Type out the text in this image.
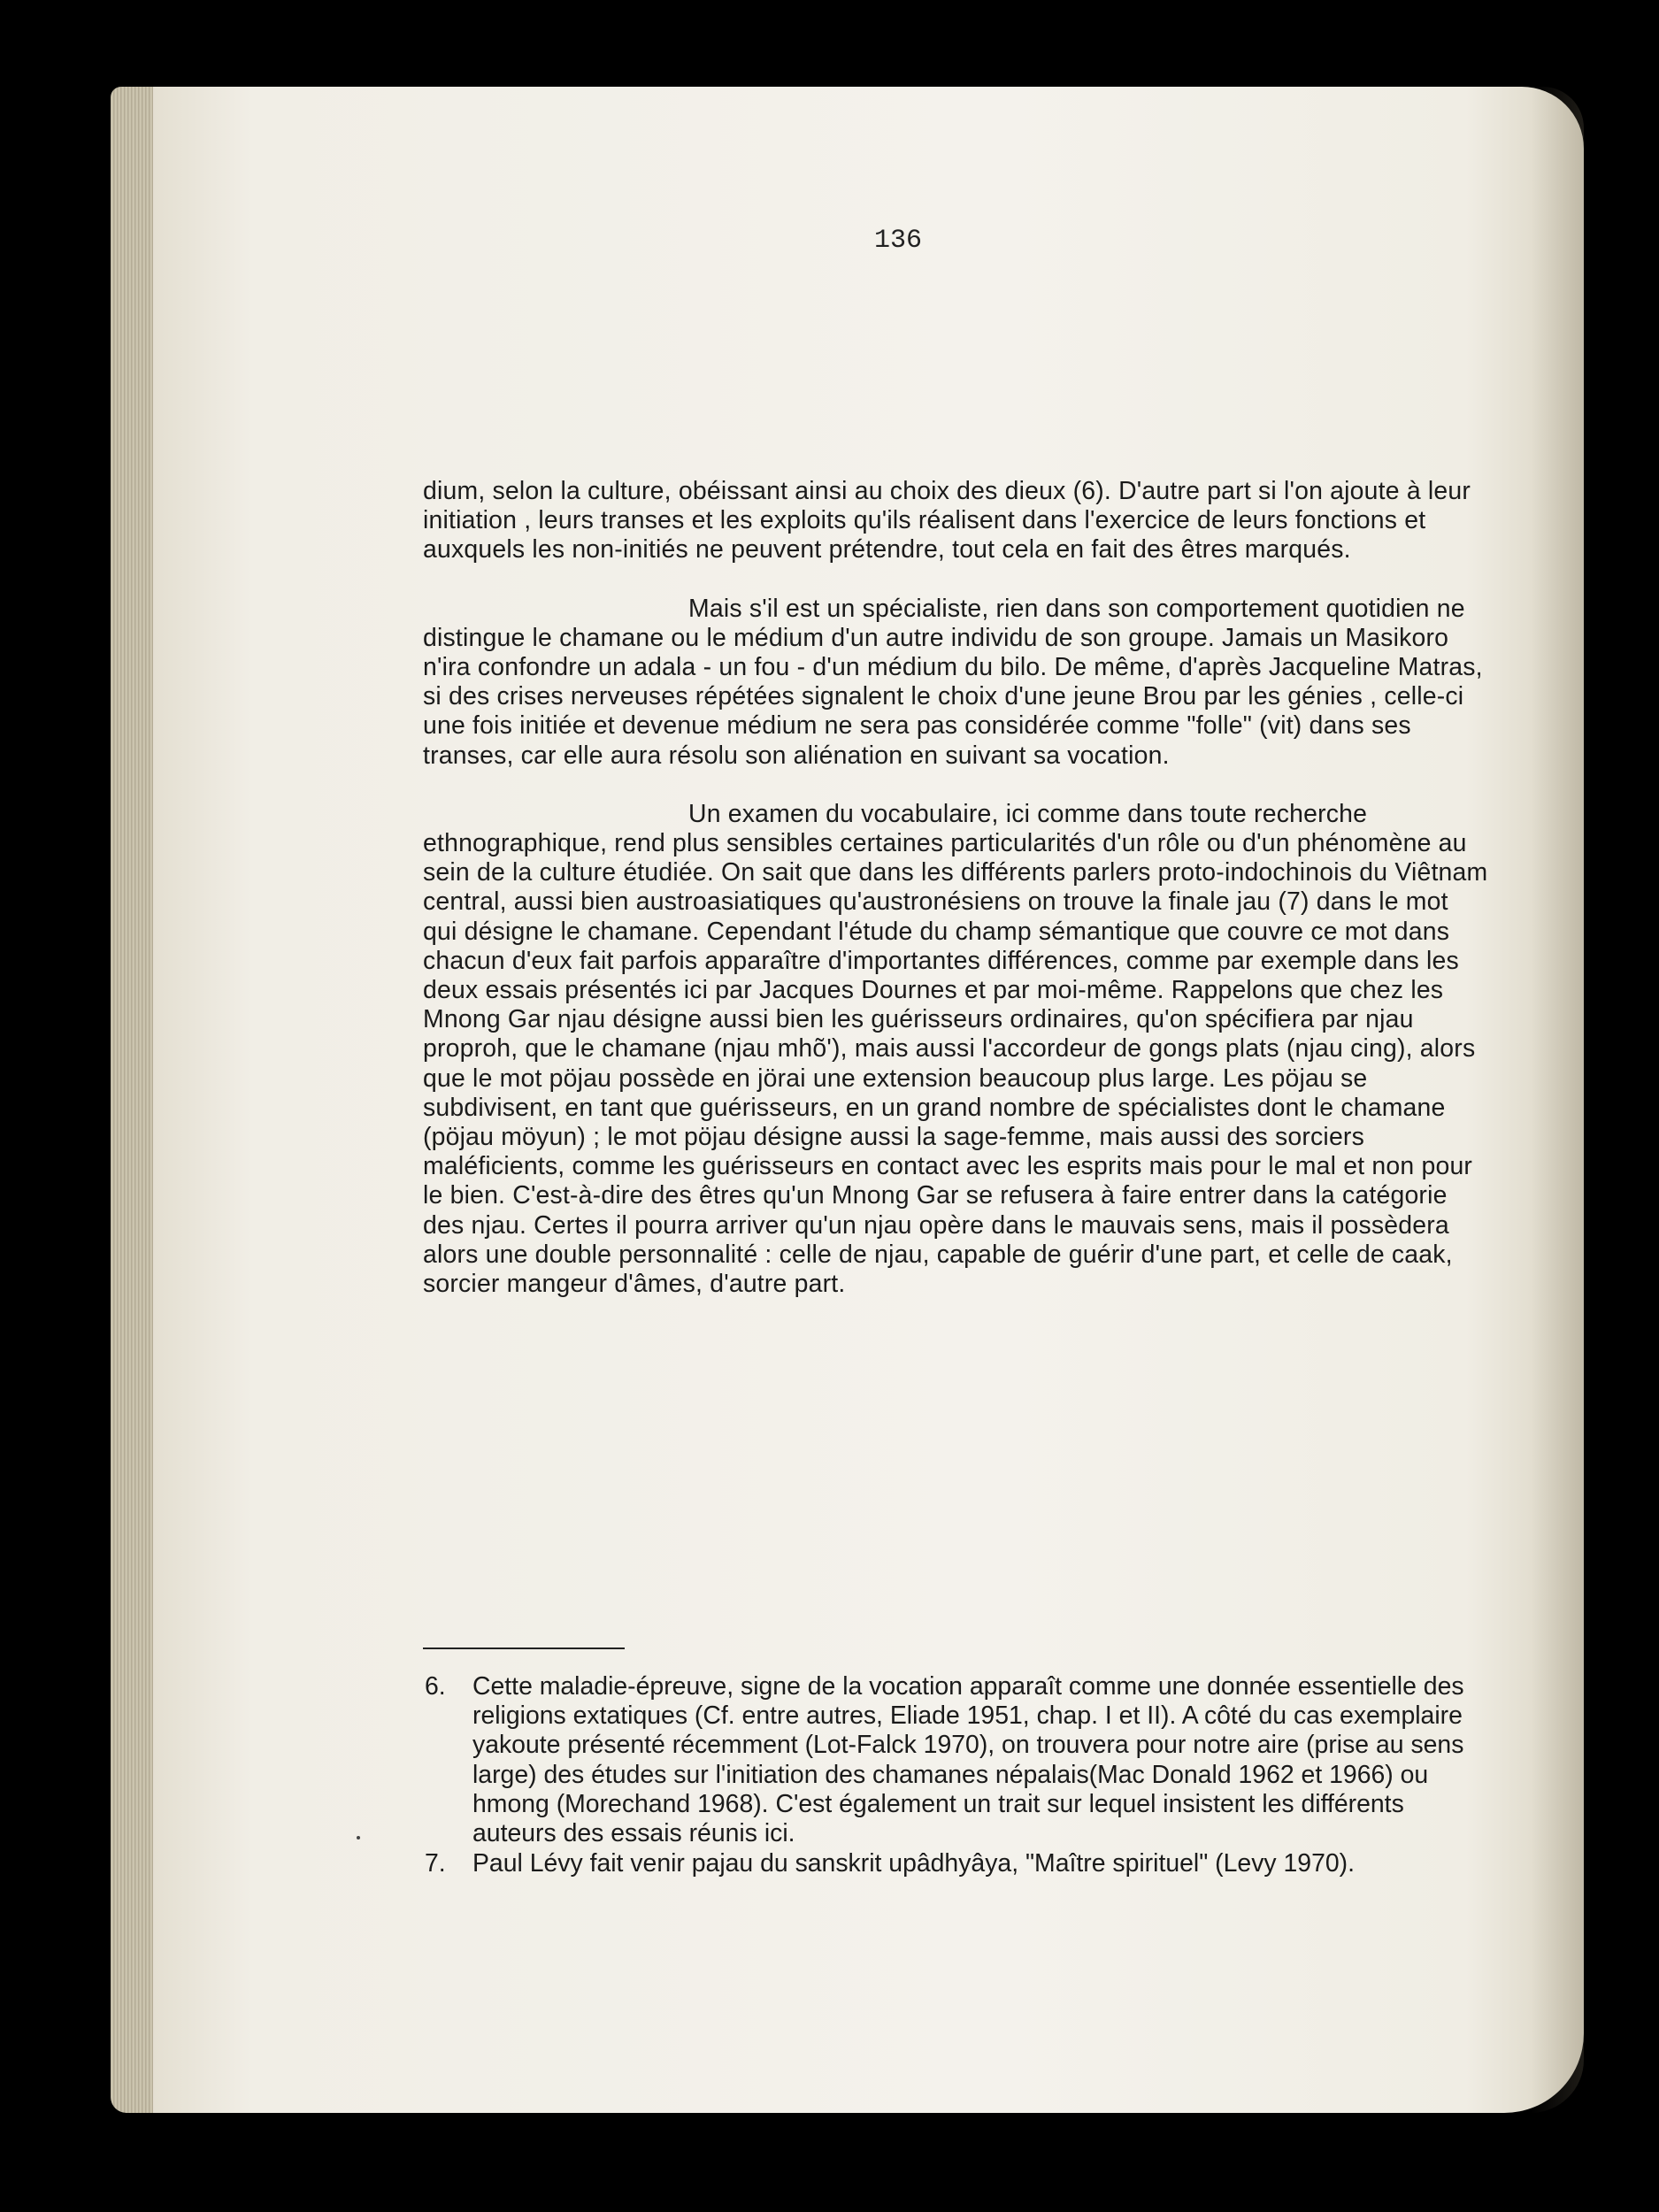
136

dium, selon la culture, obéissant ainsi au choix des dieux (6). D'autre part si l'on ajoute à leur initiation , leurs transes et les exploits qu'ils réalisent dans l'exercice de leurs fonctions et auxquels les non-initiés ne peuvent prétendre, tout cela en fait des êtres marqués.

Mais s'il est un spécialiste, rien dans son comportement quotidien ne distingue le chamane ou le médium d'un autre individu de son groupe. Jamais un Masikoro n'ira confondre un adala - un fou - d'un médium du bilo. De même, d'après Jacqueline Matras, si des crises nerveuses répétées signalent le choix d'une jeune Brou par les génies , celle-ci une fois initiée et devenue médium ne sera pas considérée comme "folle" (vit) dans ses transes, car elle aura résolu son aliénation en suivant sa vocation.

Un examen du vocabulaire, ici comme dans toute recherche ethnographique, rend plus sensibles certaines particularités d'un rôle ou d'un phénomène au sein de la culture étudiée. On sait que dans les différents parlers proto-indochinois du Viêtnam central, aussi bien austroasiatiques qu'austronésiens on trouve la finale jau (7) dans le mot qui désigne le chamane. Cependant l'étude du champ sémantique que couvre ce mot dans chacun d'eux fait parfois apparaître d'importantes différences, comme par exemple dans les deux essais présentés ici par Jacques Dournes et par moi-même. Rappelons que chez les Mnong Gar njau désigne aussi bien les guérisseurs ordinaires, qu'on spécifiera par njau proproh, que le chamane (njau mhõ'), mais aussi l'accordeur de gongs plats (njau cing), alors que le mot pöjau possède en jörai une extension beaucoup plus large. Les pöjau se subdivisent, en tant que guérisseurs, en un grand nombre de spécialistes dont le chamane (pöjau möyun) ; le mot pöjau désigne aussi la sage-femme, mais aussi des sorciers maléficients, comme les guérisseurs en contact avec les esprits mais pour le mal et non pour le bien. C'est-à-dire des êtres qu'un Mnong Gar se refusera à faire entrer dans la catégorie des njau. Certes il pourra arriver qu'un njau opère dans le mauvais sens, mais il possèdera alors une double personnalité : celle de njau, capable de guérir d'une part, et celle de caak, sorcier mangeur d'âmes, d'autre part.

6.	Cette maladie-épreuve, signe de la vocation apparaît comme une donnée essentielle des religions extatiques (Cf. entre autres, Eliade 1951, chap. I et II). A côté du cas exemplaire yakoute présenté récemment (Lot-Falck 1970), on trouvera pour notre aire (prise au sens large) des études sur l'initiation des chamanes népalais(Mac Donald 1962 et 1966) ou hmong (Morechand 1968). C'est également un trait sur lequel insistent les différents auteurs des essais réunis ici.
7.	Paul Lévy fait venir pajau du sanskrit upâdhyâya, "Maître spirituel" (Levy 1970).
